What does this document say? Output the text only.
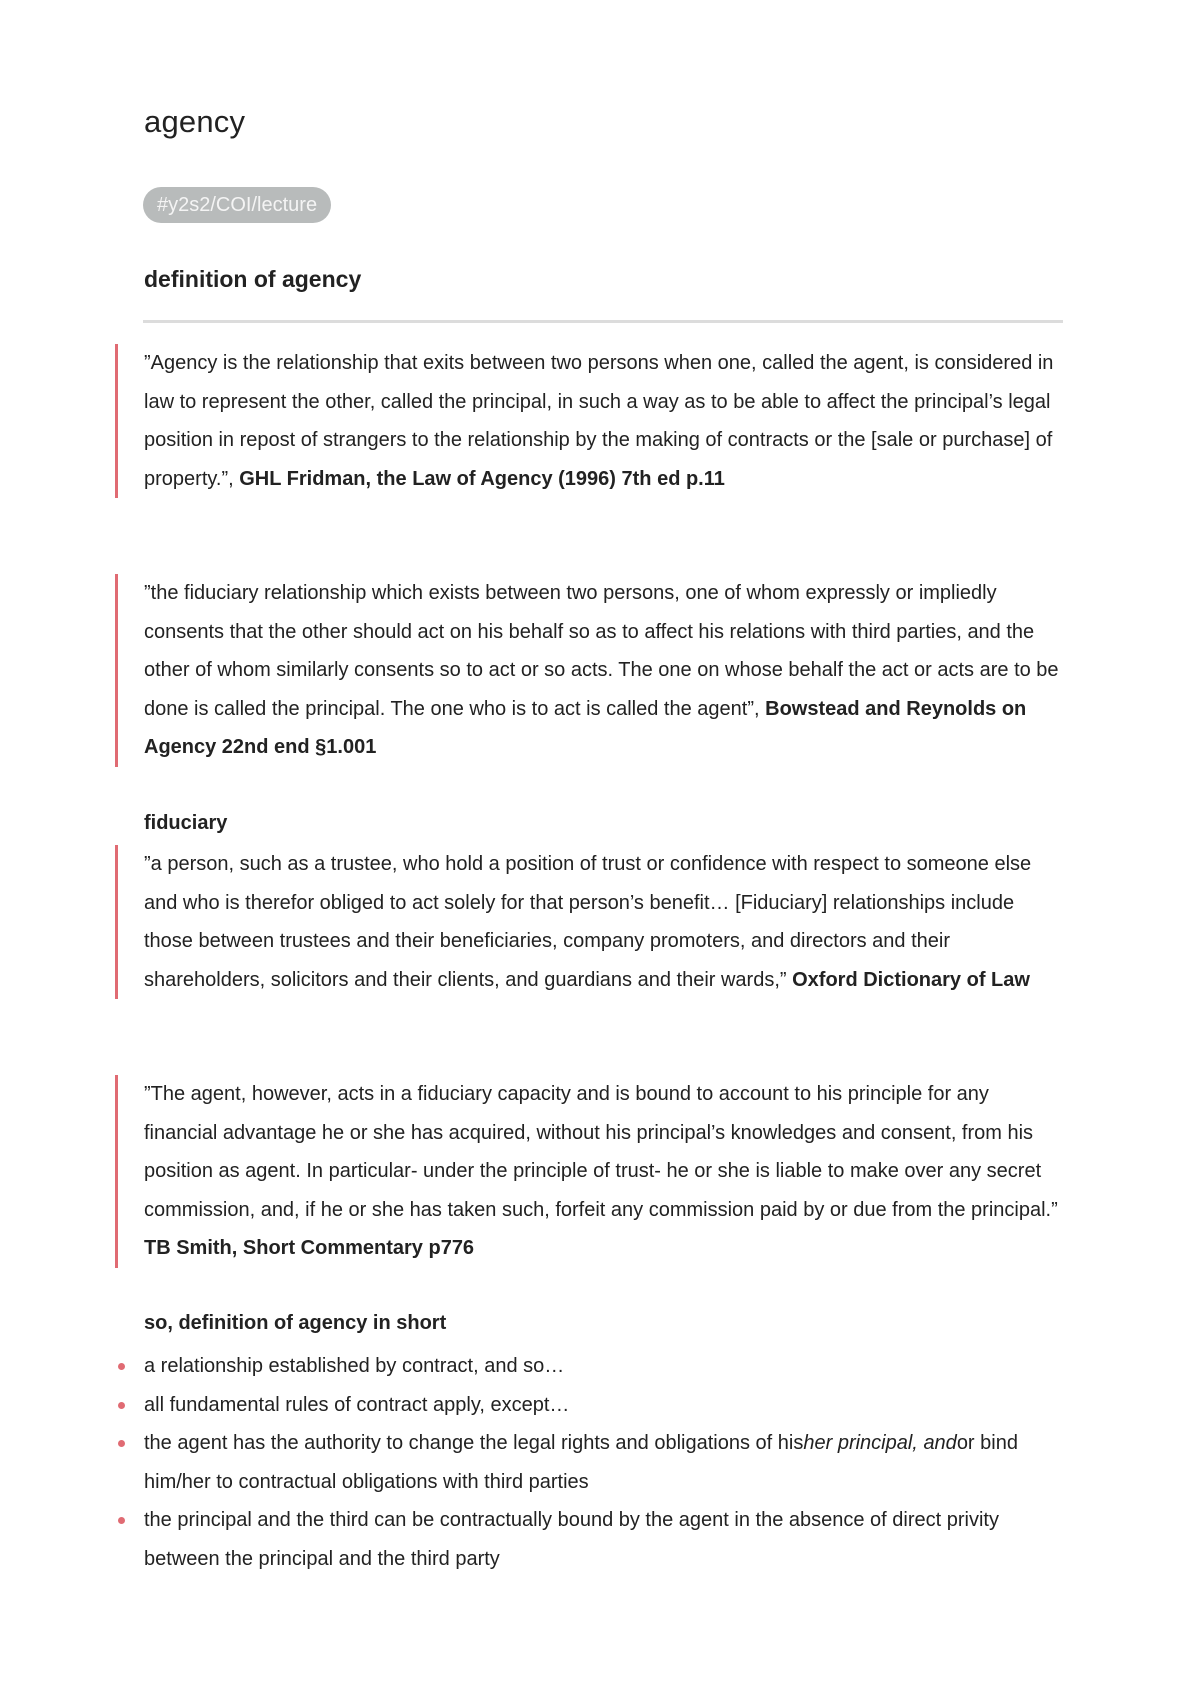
agency
#y2s2/COI/lecture
definition of agency
”Agency is the relationship that exits between two persons when one, called the agent, is considered in law to represent the other, called the principal, in such a way as to be able to affect the principal’s legal position in repost of strangers to the relationship by the making of contracts or the [sale or purchase] of property.”, GHL Fridman, the Law of Agency (1996) 7th ed p.11
”the fiduciary relationship which exists between two persons, one of whom expressly or impliedly consents that the other should act on his behalf so as to affect his relations with third parties, and the other of whom similarly consents so to act or so acts. The one on whose behalf the act or acts are to be done is called the principal. The one who is to act is called the agent”, Bowstead and Reynolds on Agency 22nd end §1.001
fiduciary
”a person, such as a trustee, who hold a position of trust or confidence with respect to someone else and who is therefor obliged to act solely for that person’s benefit… [Fiduciary] relationships include those between trustees and their beneficiaries, company promoters, and directors and their shareholders, solicitors and their clients, and guardians and their wards,” Oxford Dictionary of Law
”The agent, however, acts in a fiduciary capacity and is bound to account to his principle for any financial advantage he or she has acquired, without his principal’s knowledges and consent, from his position as agent. In particular- under the principle of trust- he or she is liable to make over any secret commission, and, if he or she has taken such, forfeit any commission paid by or due from the principal.” TB Smith, Short Commentary p776
so, definition of agency in short
a relationship established by contract, and so…
all fundamental rules of contract apply, except…
the agent has the authority to change the legal rights and obligations of hisher principal, andor bind him/her to contractual obligations with third parties
the principal and the third can be contractually bound by the agent in the absence of direct privity between the principal and the third party
